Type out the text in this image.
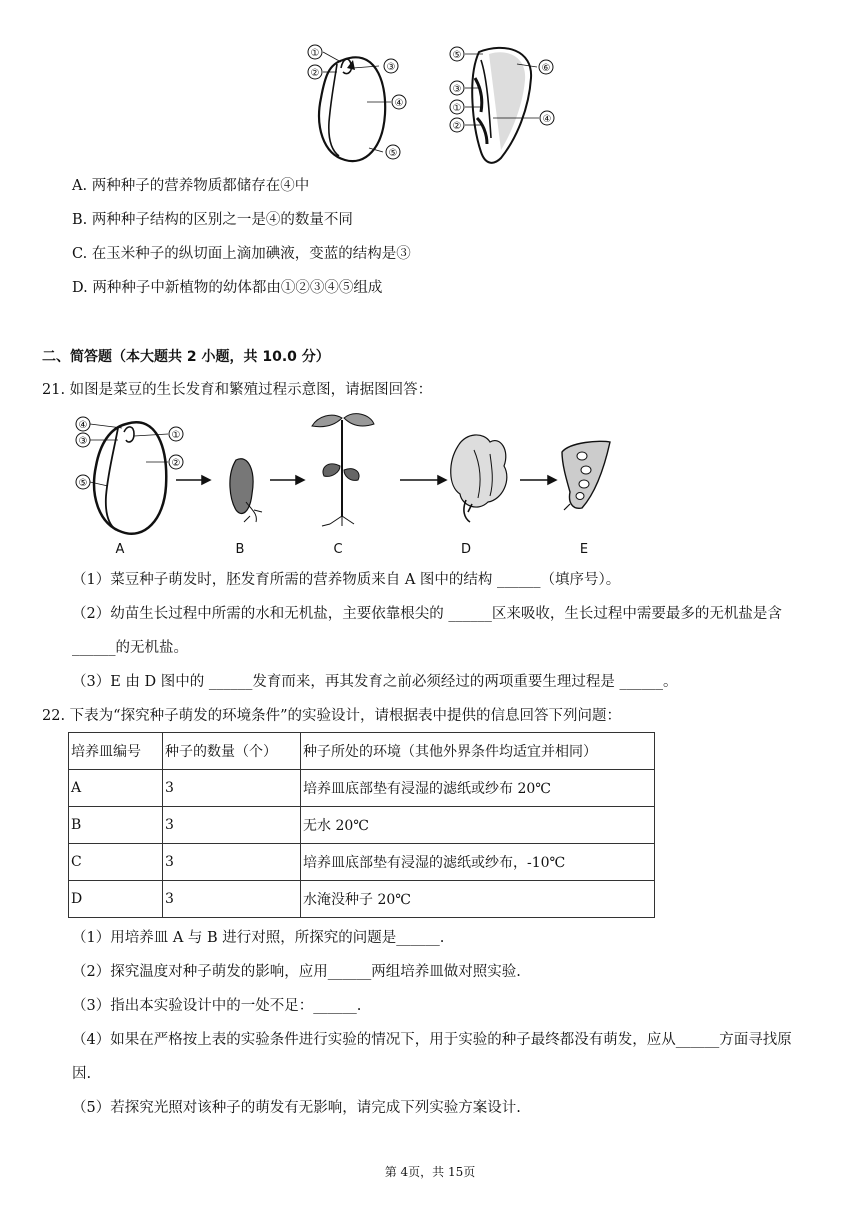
①
②
③
④
⑤
⑤
⑥
③
①
②
④
A. 两种种子的营养物质都储存在④中
B. 两种种子结构的区别之一是④的数量不同
C. 在玉米种子的纵切面上滴加碘液，变蓝的结构是③
D. 两种种子中新植物的幼体都由①②③④⑤组成
二、简答题（本大题共 2 小题，共 10.0 分）
21. 如图是菜豆的生长发育和繁殖过程示意图，请据图回答：
④
③
①
②
⑤
A	B	C	D	E
（1）菜豆种子萌发时，胚发育所需的营养物质来自 A 图中的结构 ______（填序号）。
（2）幼苗生长过程中所需的水和无机盐，主要依靠根尖的 ______区来吸收，生长过程中需要最多的无机盐是含
______的无机盐。
（3）E 由 D 图中的 ______发育而来，再其发育之前必须经过的两项重要生理过程是 ______。
22. 下表为“探究种子萌发的环境条件”的实验设计，请根据表中提供的信息回答下列问题：
培养皿编号	种子的数量（个）	种子所处的环境（其他外界条件均适宜并相同）
A	3	培养皿底部垫有浸湿的滤纸或纱布 20℃
B	3	无水 20℃
C	3	培养皿底部垫有浸湿的滤纸或纱布，-10℃
D	3	水淹没种子 20℃
（1）用培养皿 A 与 B 进行对照，所探究的问题是______.
（2）探究温度对种子萌发的影响，应用______两组培养皿做对照实验.
（3）指出本实验设计中的一处不足：______.
（4）如果在严格按上表的实验条件进行实验的情况下，用于实验的种子最终都没有萌发，应从______方面寻找原
因.
（5）若探究光照对该种子的萌发有无影响，请完成下列实验方案设计.
第 4页，共 15页
